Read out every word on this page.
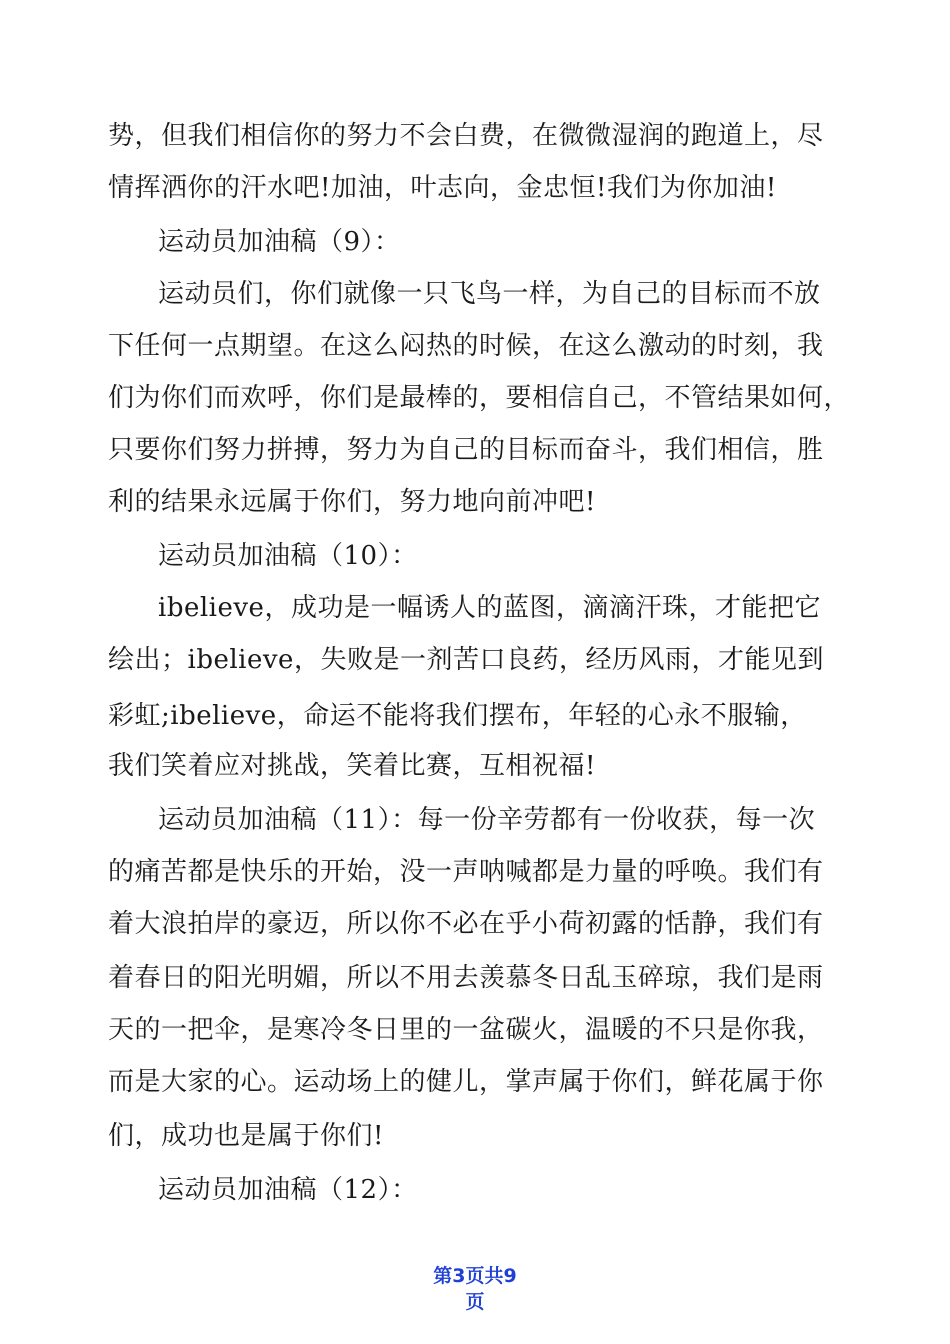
势，但我们相信你的努力不会白费，在微微湿润的跑道上，尽
情挥洒你的汗水吧!加油，叶志向，金忠恒!我们为你加油!
运动员加油稿（9）：
运动员们，你们就像一只飞鸟一样，为自己的目标而不放
下任何一点期望。在这么闷热的时候，在这么激动的时刻，我
们为你们而欢呼，你们是最棒的，要相信自己，不管结果如何，
只要你们努力拼搏，努力为自己的目标而奋斗，我们相信，胜
利的结果永远属于你们，努力地向前冲吧!
运动员加油稿（10）：
ibelieve，成功是一幅诱人的蓝图，滴滴汗珠，才能把它
绘出；ibelieve，失败是一剂苦口良药，经历风雨，才能见到
彩虹;ibelieve，命运不能将我们摆布，年轻的心永不服输，
我们笑着应对挑战，笑着比赛，互相祝福!
运动员加油稿（11）：每一份辛劳都有一份收获，每一次
的痛苦都是快乐的开始，没一声呐喊都是力量的呼唤。我们有
着大浪拍岸的豪迈，所以你不必在乎小荷初露的恬静，我们有
着春日的阳光明媚，所以不用去羡慕冬日乱玉碎琼，我们是雨
天的一把伞，是寒冷冬日里的一盆碳火，温暖的不只是你我，
而是大家的心。运动场上的健儿，掌声属于你们，鲜花属于你
们，成功也是属于你们!
运动员加油稿（12）：
第3页共9
页
